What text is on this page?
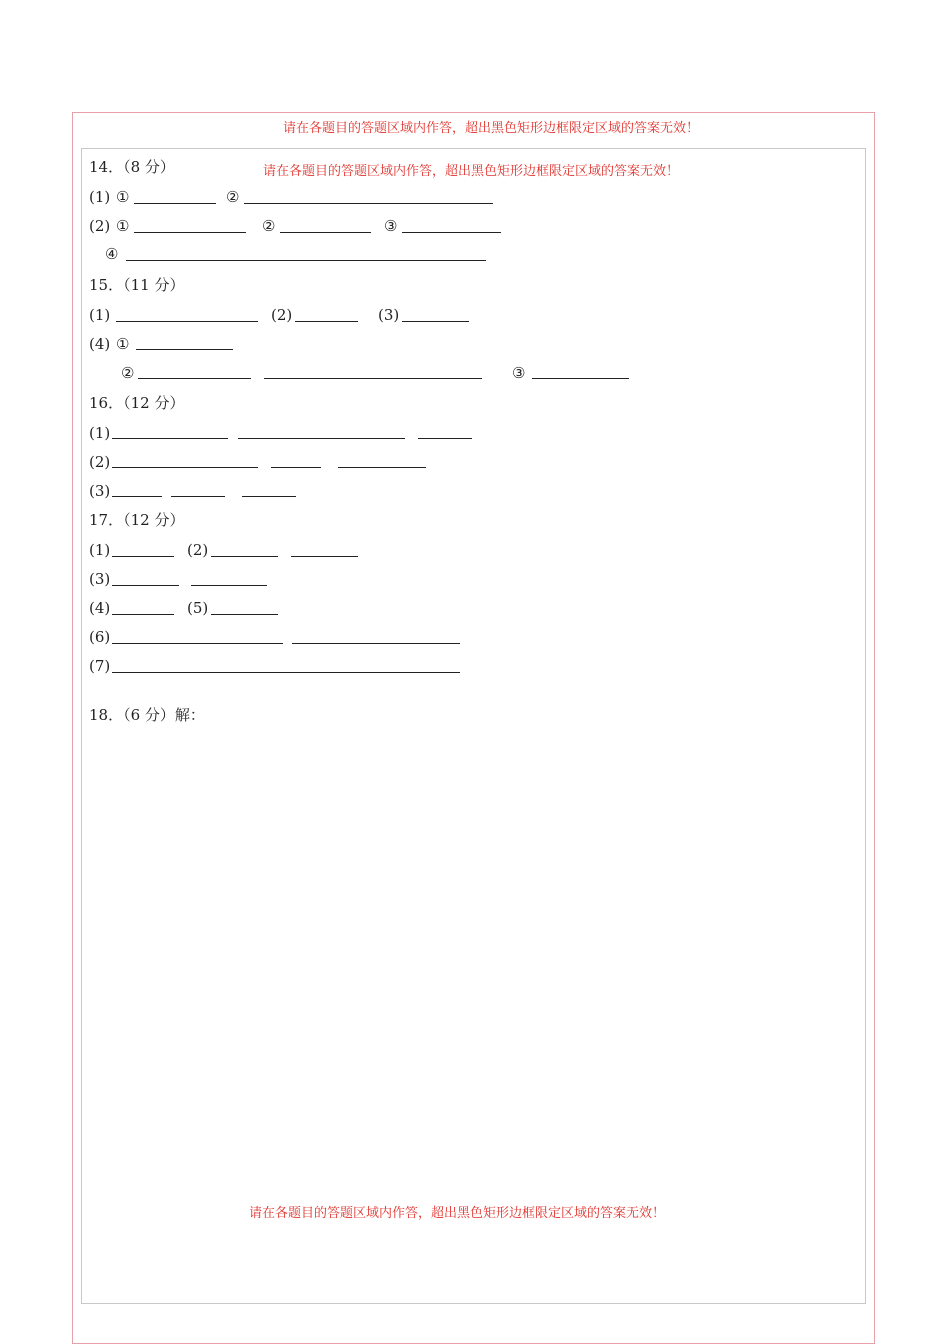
请在各题目的答题区域内作答，超出黑色矩形边框限定区域的答案无效！
请在各题目的答题区域内作答，超出黑色矩形边框限定区域的答案无效！
请在各题目的答题区域内作答，超出黑色矩形边框限定区域的答案无效！
14．（8 分）
(1) ①	②
(2) ①	②	③
④
15．（11 分）
(1)	(2)	(3)
(4) ①
②	③
16．（12 分）
(1)
(2)
(3)
17．（12 分）
(1)	(2)
(3)
(4)	(5)
(6)
(7)
18．（6 分）解：
